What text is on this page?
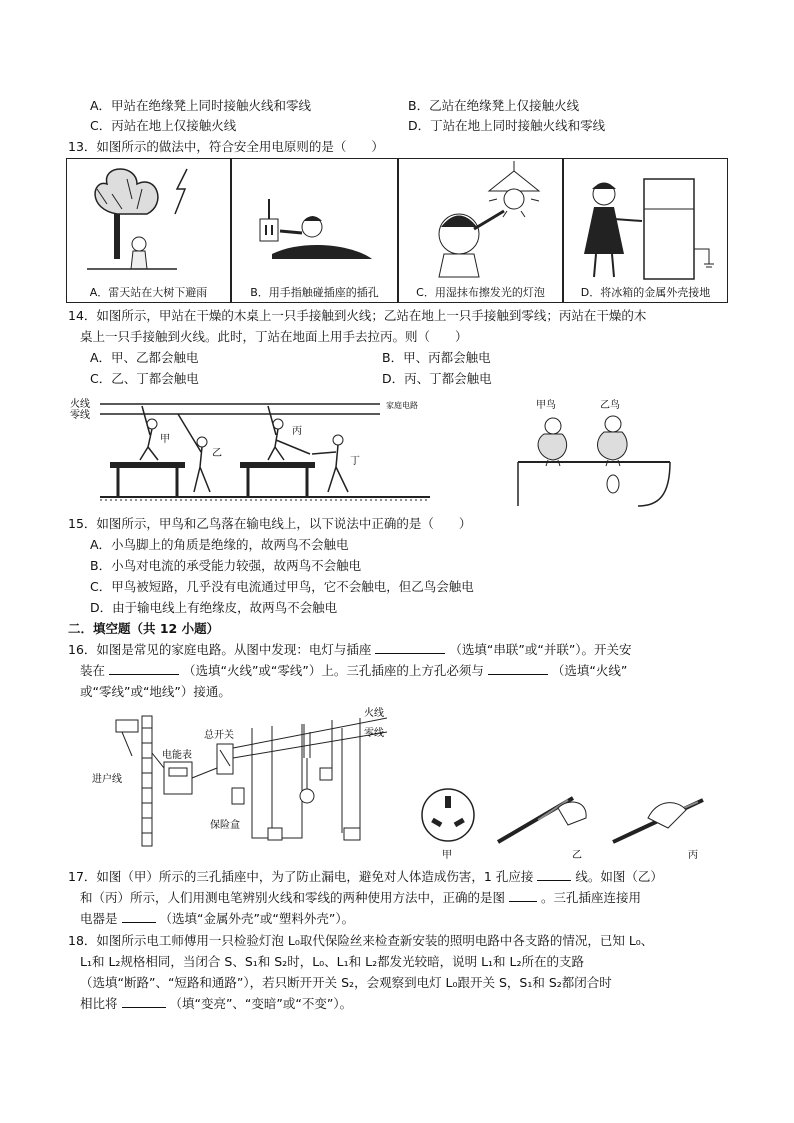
A．甲站在绝缘凳上同时接触火线和零线	B．乙站在绝缘凳上仅接触火线
C．丙站在地上仅接触火线	D．丁站在地上同时接触火线和零线
13．如图所示的做法中，符合安全用电原则的是（　　）
A．雷天站在大树下避雨	B．用手指触碰插座的插孔	C．用湿抹布擦发光的灯泡	D．将冰箱的金属外壳接地
14．如图所示，甲站在干燥的木桌上一只手接触到火线；乙站在地上一只手接触到零线；丙站在干燥的木
桌上一只手接触到火线。此时，丁站在地面上用手去拉丙。则（　　）
A．甲、乙都会触电	B．甲、丙都会触电
C．乙、丁都会触电	D．丙、丁都会触电
火线
零线
家庭电路
甲
乙
丙
丁
甲鸟	乙鸟
15．如图所示，甲鸟和乙鸟落在输电线上，以下说法中正确的是（　　）
A．小鸟脚上的角质是绝缘的，故两鸟不会触电
B．小鸟对电流的承受能力较强，故两鸟不会触电
C．甲鸟被短路，几乎没有电流通过甲鸟，它不会触电，但乙鸟会触电
D．由于输电线上有绝缘皮，故两鸟不会触电
二．填空题（共 12 小题）
16．如图是常见的家庭电路。从图中发现：电灯与插座	（选填“串联”或“并联”）。开关安
装在	（选填“火线”或“零线”）上。三孔插座的上方孔必须与	（选填“火线”
或“零线”或“地线”）接通。
进户线
总开关
电能表
保险盒
火线
零线
甲	乙	丙
17．如图（甲）所示的三孔插座中，为了防止漏电，避免对人体造成伤害，1 孔应接	线。如图（乙）
和（丙）所示，人们用测电笔辨别火线和零线的两种使用方法中，正确的是图	。三孔插座连接用
电器是	（选填“金属外壳”或“塑料外壳”）。
18．如图所示电工师傅用一只检验灯泡 L₀取代保险丝来检查新安装的照明电路中各支路的情况，已知 L₀、
L₁和 L₂规格相同，当闭合 S、S₁和 S₂时，L₀、L₁和 L₂都发光较暗，说明 L₁和 L₂所在的支路
（选填“断路”、“短路和通路”），若只断开开关 S₂，会观察到电灯 L₀跟开关 S，S₁和 S₂都闭合时
相比将	（填“变亮”、“变暗”或“不变”）。
